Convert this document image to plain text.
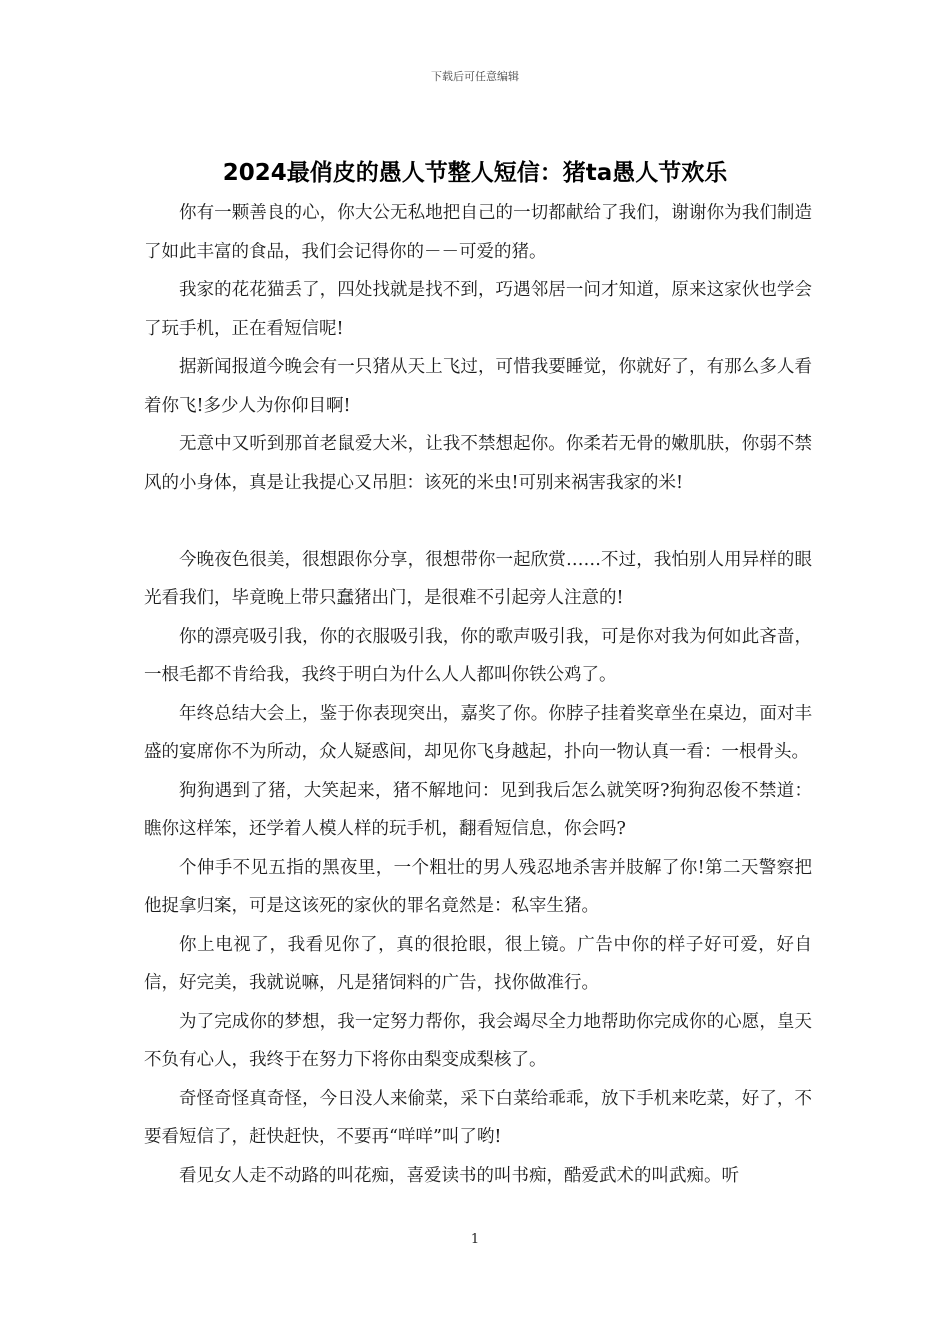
下载后可任意编辑
2024最俏皮的愚人节整人短信：猪ta愚人节欢乐

你有一颗善良的心，你大公无私地把自己的一切都献给了我们，谢谢你为我们制造了如此丰富的食品，我们会记得你的－－可爱的猪。

我家的花花猫丢了，四处找就是找不到，巧遇邻居一问才知道，原来这家伙也学会了玩手机，正在看短信呢!

据新闻报道今晚会有一只猪从天上飞过，可惜我要睡觉，你就好了，有那么多人看着你飞!多少人为你仰目啊!

无意中又听到那首老鼠爱大米，让我不禁想起你。你柔若无骨的嫩肌肤，你弱不禁风的小身体，真是让我提心又吊胆：该死的米虫!可别来祸害我家的米!

今晚夜色很美，很想跟你分享，很想带你一起欣赏……不过，我怕别人用异样的眼光看我们，毕竟晚上带只蠢猪出门，是很难不引起旁人注意的!

你的漂亮吸引我，你的衣服吸引我，你的歌声吸引我，可是你对我为何如此吝啬，一根毛都不肯给我，我终于明白为什么人人都叫你铁公鸡了。

年终总结大会上，鉴于你表现突出，嘉奖了你。你脖子挂着奖章坐在桌边，面对丰盛的宴席你不为所动，众人疑惑间，却见你飞身越起，扑向一物认真一看：一根骨头。

狗狗遇到了猪，大笑起来，猪不解地问：见到我后怎么就笑呀?狗狗忍俊不禁道：瞧你这样笨，还学着人模人样的玩手机，翻看短信息，你会吗?

个伸手不见五指的黑夜里，一个粗壮的男人残忍地杀害并肢解了你!第二天警察把他捉拿归案，可是这该死的家伙的罪名竟然是：私宰生猪。

你上电视了，我看见你了，真的很抢眼，很上镜。广告中你的样子好可爱，好自信，好完美，我就说嘛，凡是猪饲料的广告，找你做准行。

为了完成你的梦想，我一定努力帮你，我会竭尽全力地帮助你完成你的心愿，皇天不负有心人，我终于在努力下将你由梨变成梨核了。

奇怪奇怪真奇怪，今日没人来偷菜，采下白菜给乖乖，放下手机来吃菜，好了，不要看短信了，赶快赶快，不要再“咩咩”叫了哟!

看见女人走不动路的叫花痴，喜爱读书的叫书痴，酷爱武术的叫武痴。听

1
